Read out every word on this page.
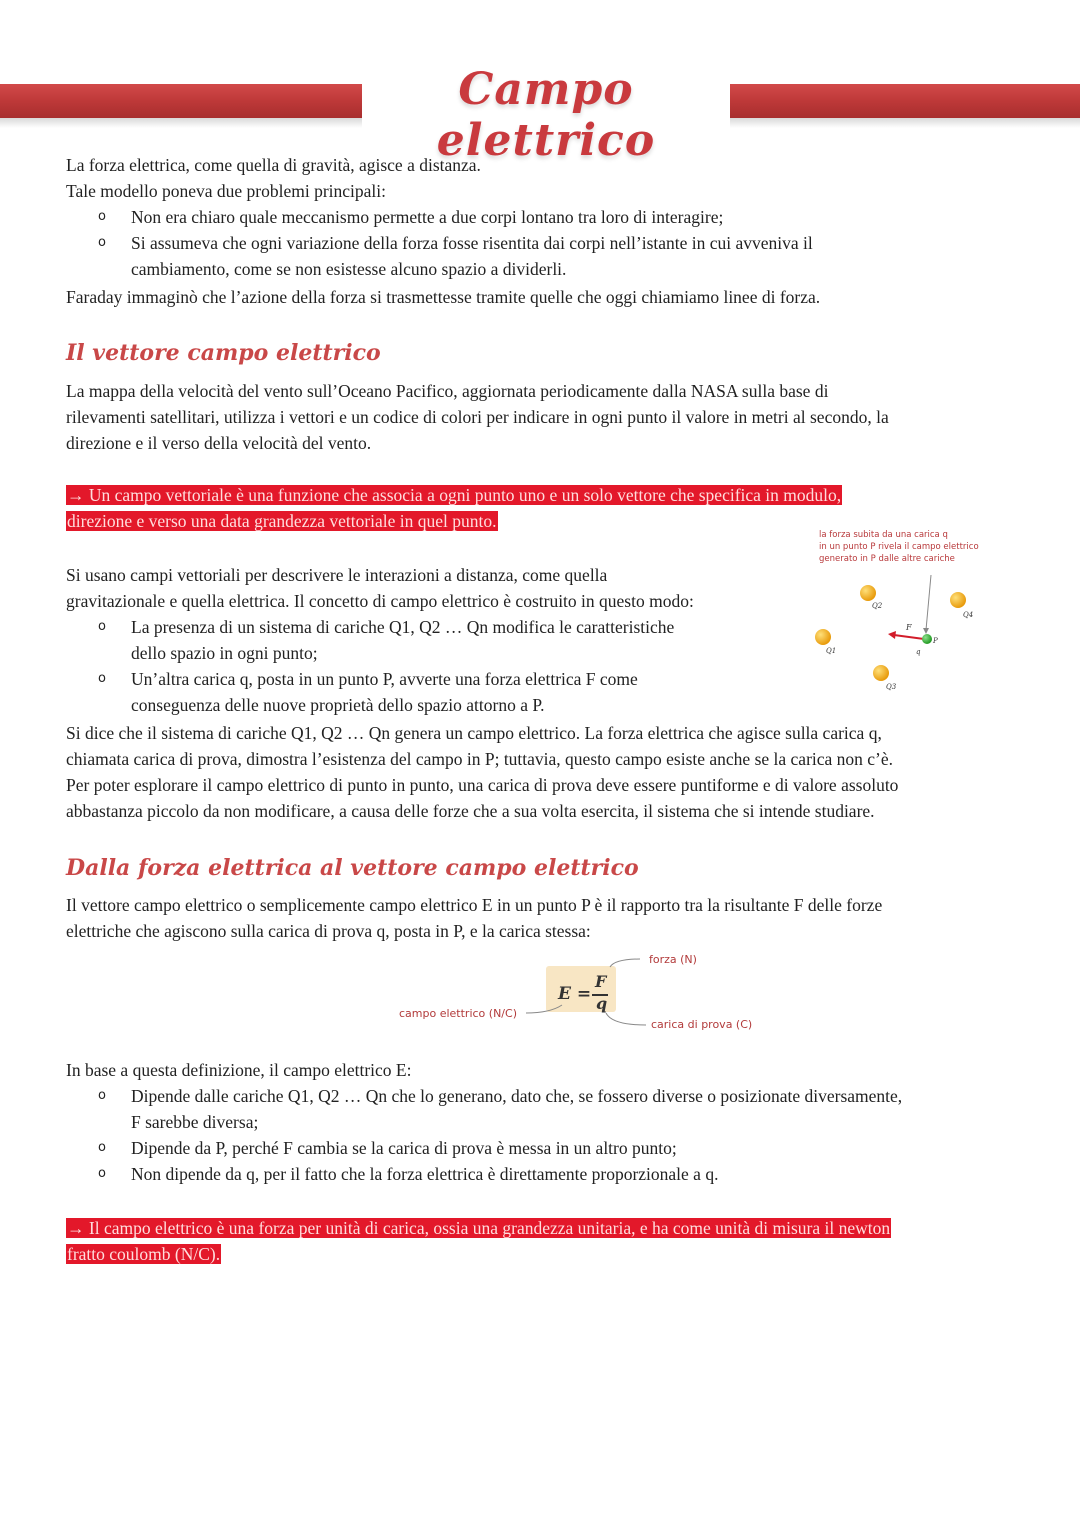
Campo elettrico

La forza elettrica, come quella di gravità, agisce a distanza.

Tale modello poneva due problemi principali:

o Non era chiaro quale meccanismo permette a due corpi lontano tra loro di interagire;
o Si assumeva che ogni variazione della forza fosse risentita dai corpi nell’istante in cui avveniva il
cambiamento, come se non esistesse alcuno spazio a dividerli.

Faraday immaginò che l’azione della forza si trasmettesse tramite quelle che oggi chiamiamo linee di forza.

Il vettore campo elettrico

La mappa della velocità del vento sull’Oceano Pacifico, aggiornata periodicamente dalla NASA sulla base di
rilevamenti satellitari, utilizza i vettori e un codice di colori per indicare in ogni punto il valore in metri al secondo, la
direzione e il verso della velocità del vento.

→ Un campo vettoriale è una funzione che associa a ogni punto uno e un solo vettore che specifica in modulo,
direzione e verso una data grandezza vettoriale in quel punto.

la forza subita da una carica q
in un punto P rivela il campo elettrico
generato in P dalle altre cariche
Q2
Q4
Q1
Q3
F
P
q

Si usano campi vettoriali per descrivere le interazioni a distanza, come quella
gravitazionale e quella elettrica. Il concetto di campo elettrico è costruito in questo modo:

o La presenza di un sistema di cariche Q1, Q2 … Qn modifica le caratteristiche
dello spazio in ogni punto;
o Un’altra carica q, posta in un punto P, avverte una forza elettrica F come
conseguenza delle nuove proprietà dello spazio attorno a P.

Si dice che il sistema di cariche Q1, Q2 … Qn genera un campo elettrico. La forza elettrica che agisce sulla carica q,
chiamata carica di prova, dimostra l’esistenza del campo in P; tuttavia, questo campo esiste anche se la carica non c’è.
Per poter esplorare il campo elettrico di punto in punto, una carica di prova deve essere puntiforme e di valore assoluto
abbastanza piccolo da non modificare, a causa delle forze che a sua volta esercita, il sistema che si intende studiare.

Dalla forza elettrica al vettore campo elettrico

Il vettore campo elettrico o semplicemente campo elettrico E in un punto P è il rapporto tra la risultante F delle forze
elettriche che agiscono sulla carica di prova q, posta in P, e la carica stessa:

E =
F
q
forza (N)
campo elettrico (N/C)
carica di prova (C)

In base a questa definizione, il campo elettrico E:

o Dipende dalle cariche Q1, Q2 … Qn che lo generano, dato che, se fossero diverse o posizionate diversamente,
F sarebbe diversa;
o Dipende da P, perché F cambia se la carica di prova è messa in un altro punto;
o Non dipende da q, per il fatto che la forza elettrica è direttamente proporzionale a q.

→ Il campo elettrico è una forza per unità di carica, ossia una grandezza unitaria, e ha come unità di misura il newton
fratto coulomb (N/C).
